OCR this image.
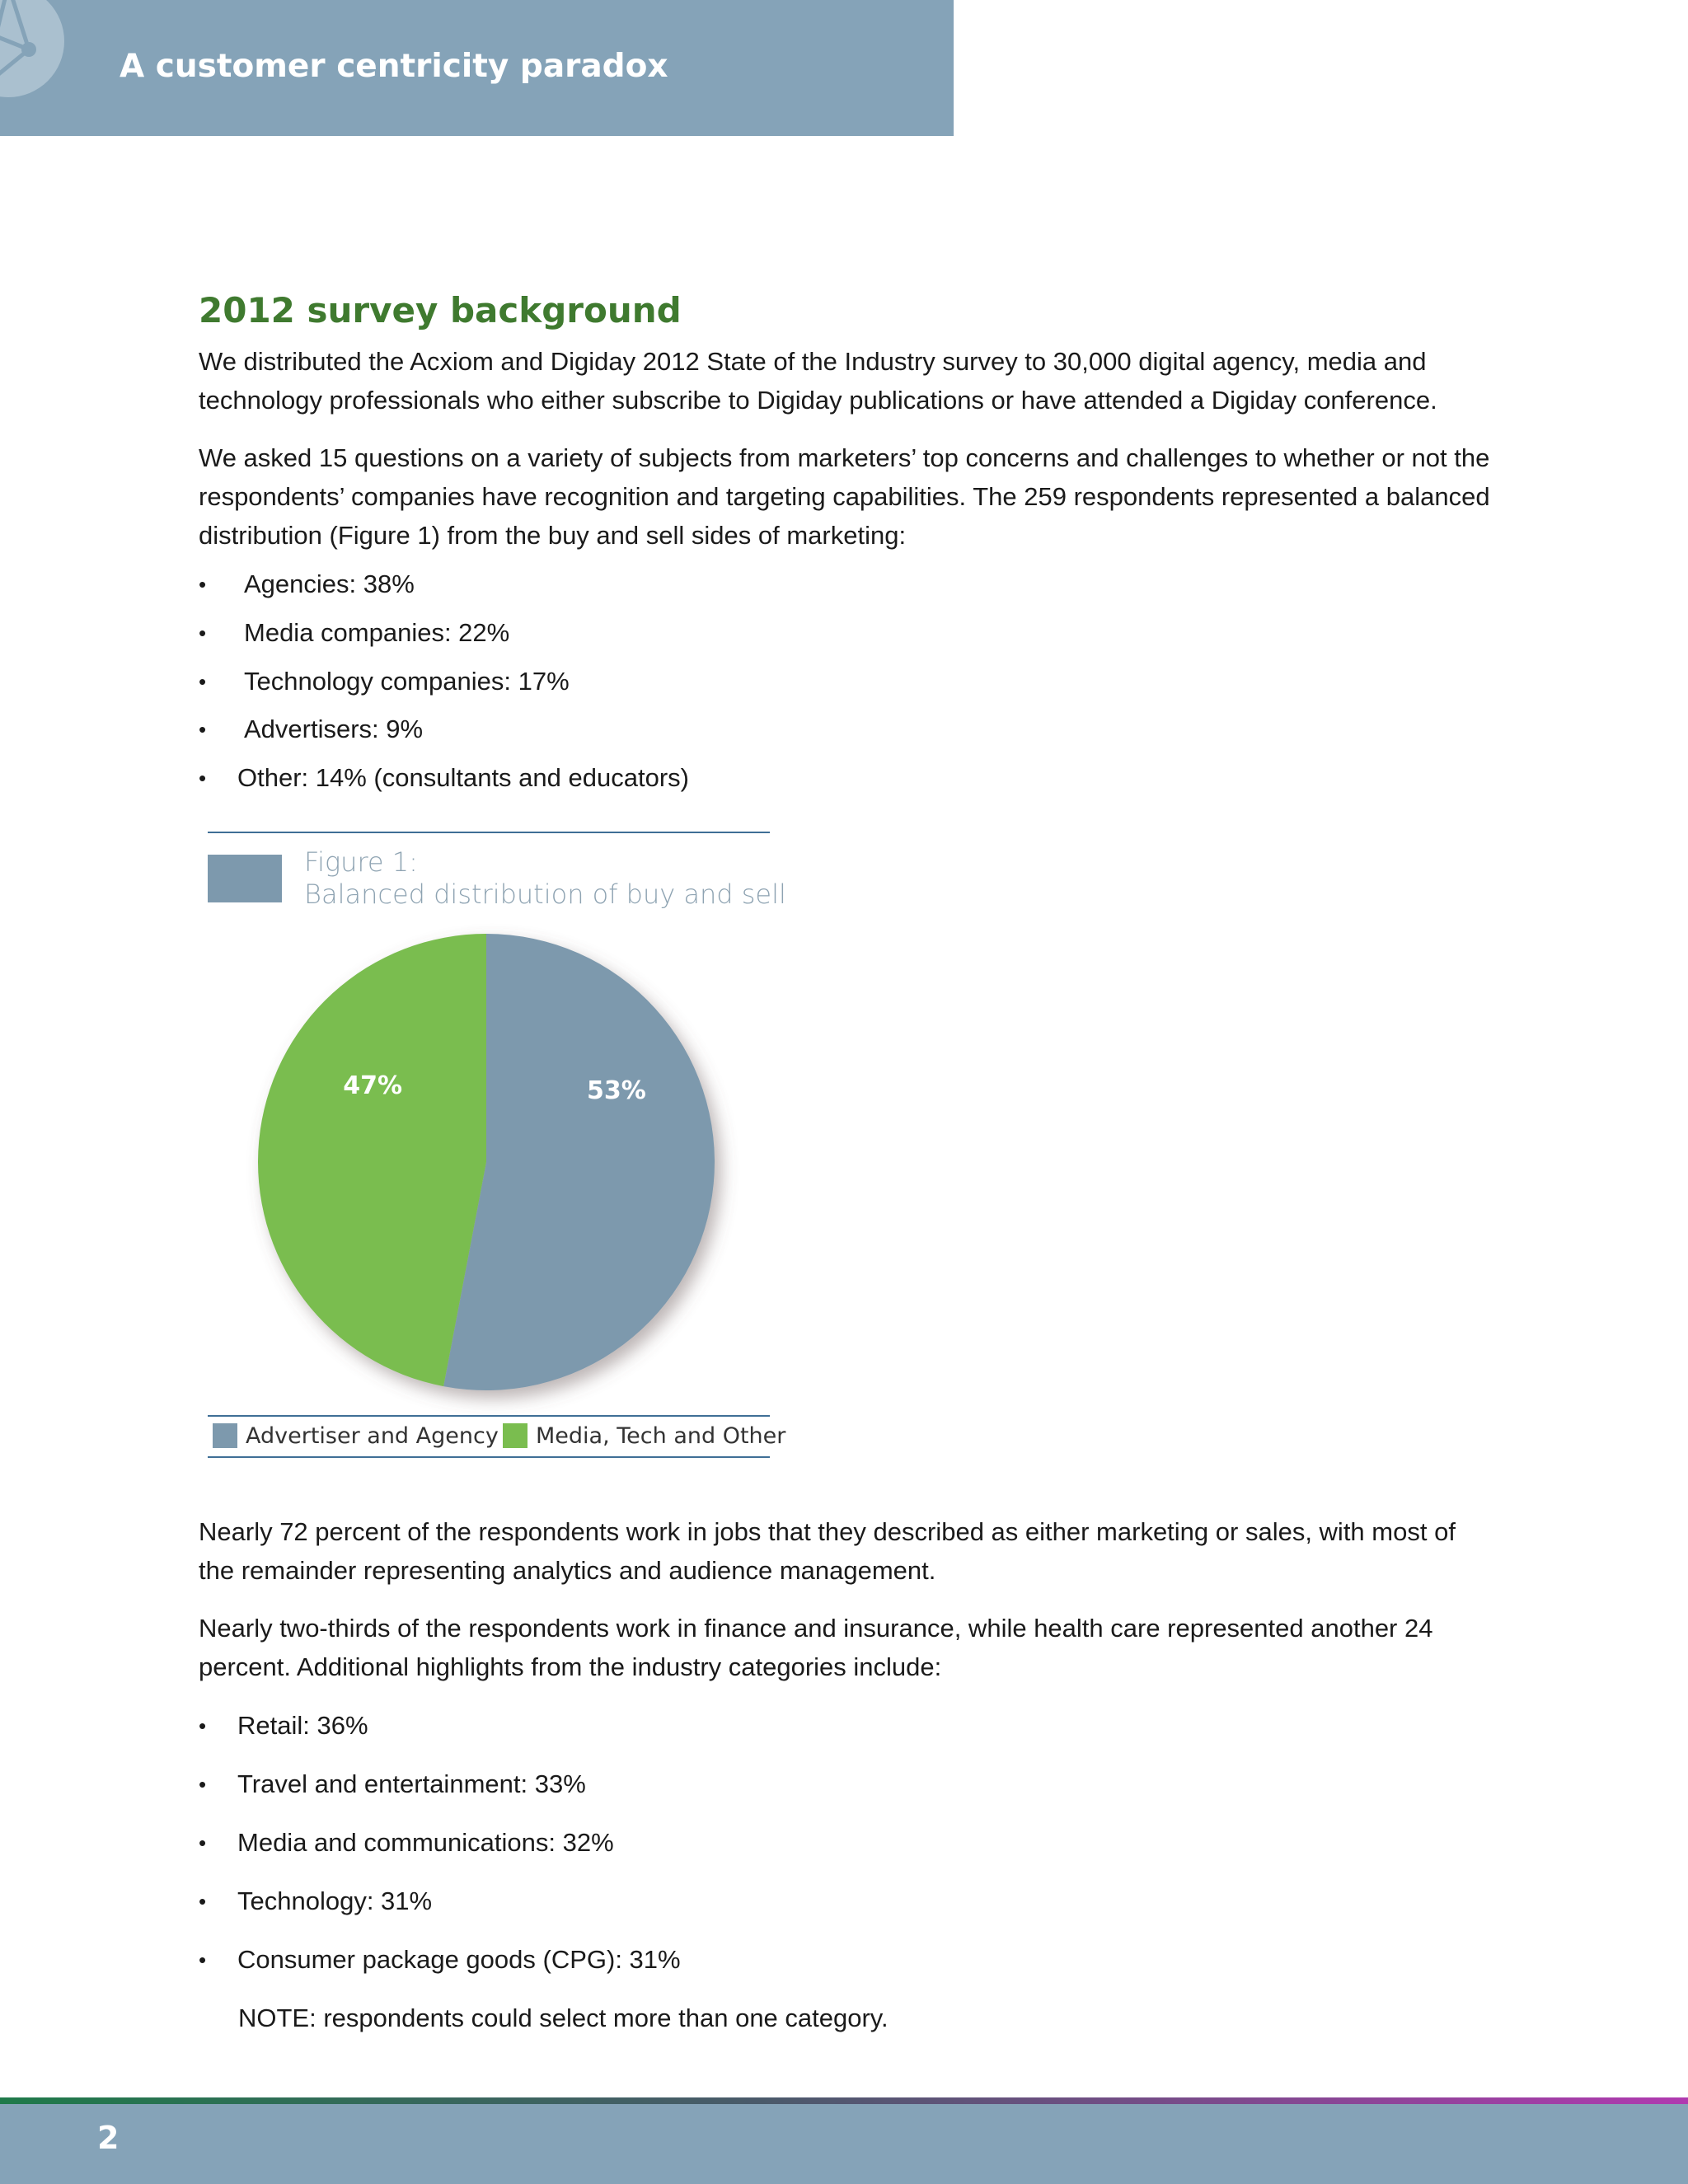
A customer centricity paradox
2012 survey background

We distributed the Acxiom and Digiday 2012 State of the Industry survey to 30,000 digital agency, media and technology professionals who either subscribe to Digiday publications or have attended a Digiday conference.

We asked 15 questions on a variety of subjects from marketers’ top concerns and challenges to whether or not the respondents’ companies have recognition and targeting capabilities. The 259 respondents represented a balanced distribution (Figure 1) from the buy and sell sides of marketing:

• Agencies: 38%
• Media companies: 22%
• Technology companies: 17%
• Advertisers: 9%
• Other: 14% (consultants and educators)
Figure 1:
Balanced distribution of buy and sell
53%
47%
Advertiser and Agency Media, Tech and Other

Nearly 72 percent of the respondents work in jobs that they described as either marketing or sales, with most of the remainder representing analytics and audience management.

Nearly two-thirds of the respondents work in finance and insurance, while health care represented another 24 percent. Additional highlights from the industry categories include:

• Retail: 36%
• Travel and entertainment: 33%
• Media and communications: 32%
• Technology: 31%
• Consumer package goods (CPG): 31%
NOTE: respondents could select more than one category.
2
